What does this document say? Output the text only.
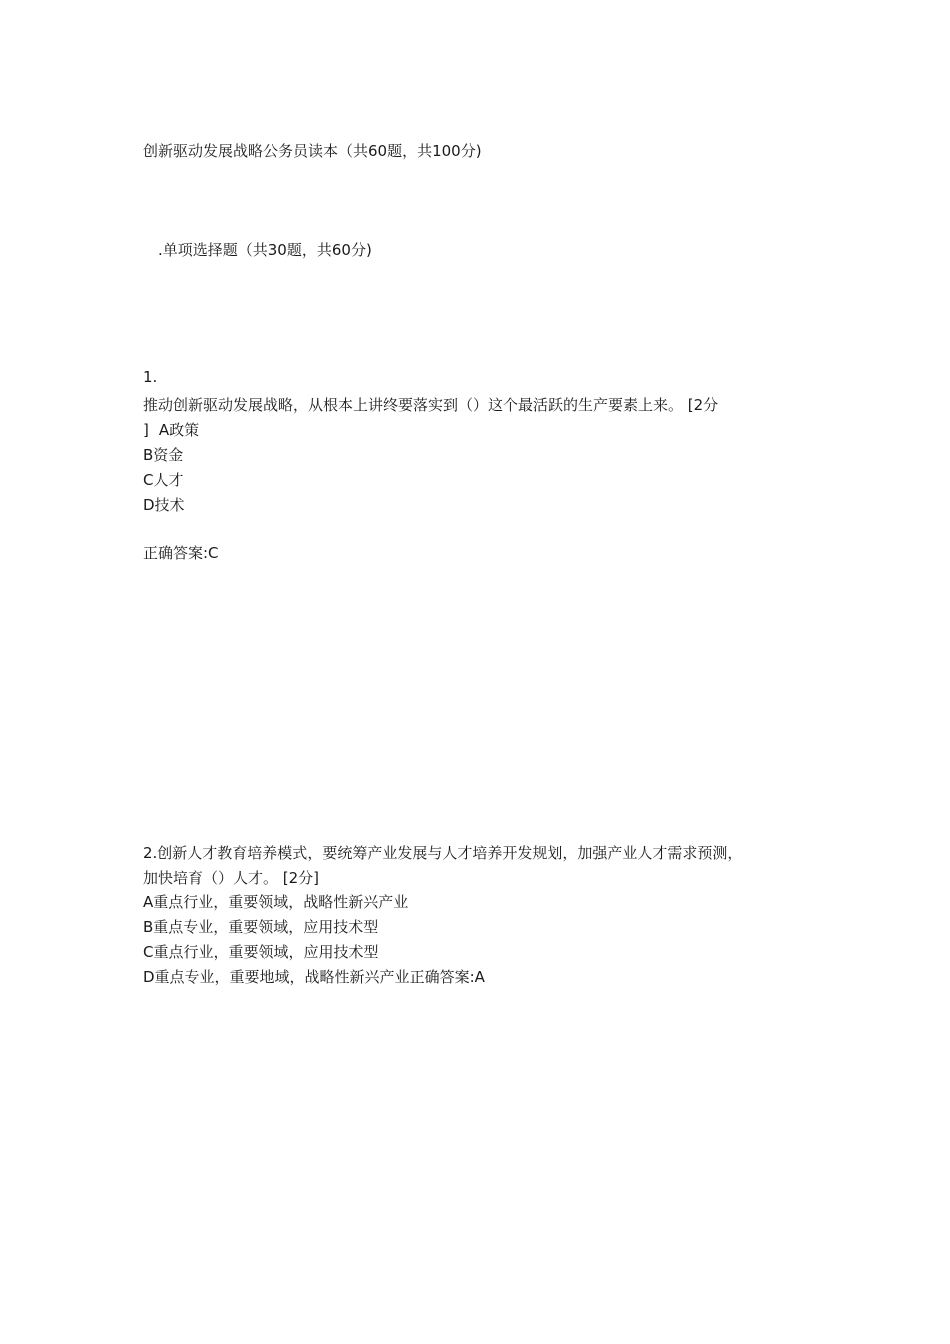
创新驱动发展战略公务员读本（共60题，共100分)
.单项选择题（共30题，共60分)
1.
推动创新驱动发展战略，从根本上讲终要落实到（）这个最活跃的生产要素上来。 [2分
] A政策
B资金
C人才
D技术
正确答案:C
2.创新人才教育培养模式，要统筹产业发展与人才培养开发规划，加强产业人才需求预测，
加快培育（）人才。 [2分]
A重点行业，重要领域，战略性新兴产业
B重点专业，重要领域，应用技术型
C重点行业，重要领域，应用技术型
D重点专业，重要地域，战略性新兴产业正确答案:A
